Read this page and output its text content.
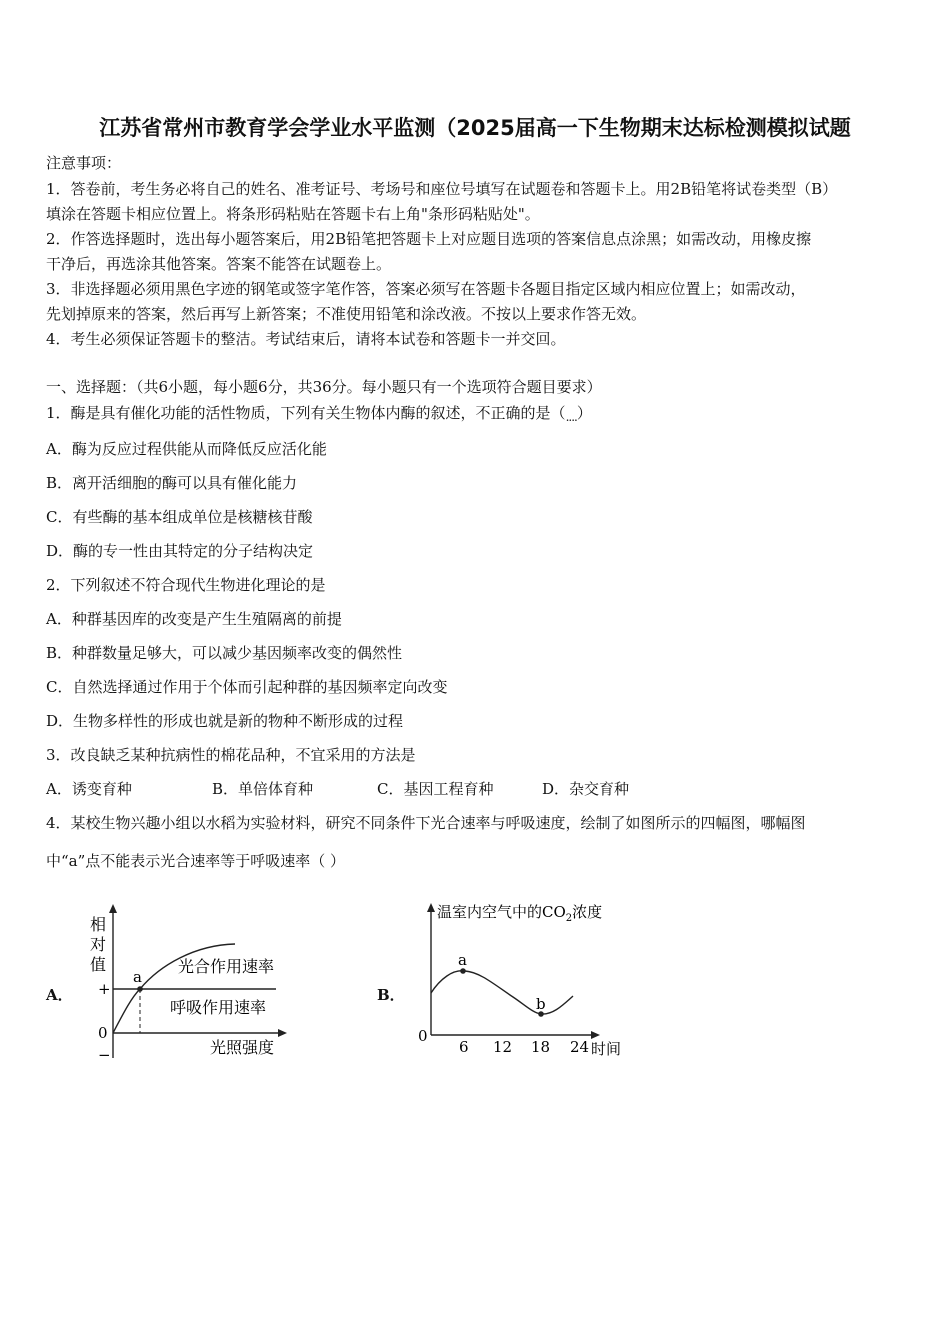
江苏省常州市教育学会学业水平监测（2025届高一下生物期末达标检测模拟试题
注意事项：
1．答卷前，考生务必将自己的姓名、准考证号、考场号和座位号填写在试题卷和答题卡上。用2B铅笔将试卷类型（B）
填涂在答题卡相应位置上。将条形码粘贴在答题卡右上角"条形码粘贴处"。
2．作答选择题时，选出每小题答案后，用2B铅笔把答题卡上对应题目选项的答案信息点涂黑；如需改动，用橡皮擦
干净后，再选涂其他答案。答案不能答在试题卷上。
3．非选择题必须用黑色字迹的钢笔或签字笔作答，答案必须写在答题卡各题目指定区域内相应位置上；如需改动，
先划掉原来的答案，然后再写上新答案；不准使用铅笔和涂改液。不按以上要求作答无效。
4．考生必须保证答题卡的整洁。考试结束后，请将本试卷和答题卡一并交回。
一、选择题：（共6小题，每小题6分，共36分。每小题只有一个选项符合题目要求）
1．酶是具有催化功能的活性物质，下列有关生物体内酶的叙述，不正确的是（....）
A．酶为反应过程供能从而降低反应活化能
B．离开活细胞的酶可以具有催化能力
C．有些酶的基本组成单位是核糖核苷酸
D．酶的专一性由其特定的分子结构决定
2．下列叙述不符合现代生物进化理论的是
A．种群基因库的改变是产生生殖隔离的前提
B．种群数量足够大，可以减少基因频率改变的偶然性
C．自然选择通过作用于个体而引起种群的基因频率定向改变
D．生物多样性的形成也就是新的物种不断形成的过程
3．改良缺乏某种抗病性的棉花品种，不宜采用的方法是
A．诱变育种	B．单倍体育种	C．基因工程育种	D．杂交育种
4．某校生物兴趣小组以水稻为实验材料，研究不同条件下光合速率与呼吸速度，绘制了如图所示的四幅图，哪幅图
中“a”点不能表示光合速率等于呼吸速率（ ）
A．
相
对
值
+
0
−
a
光合作用速率
呼吸作用速率
光照强度
B．
温室内空气中的$CO_2$浓度
a
b
0
6 12 18 24 时间
